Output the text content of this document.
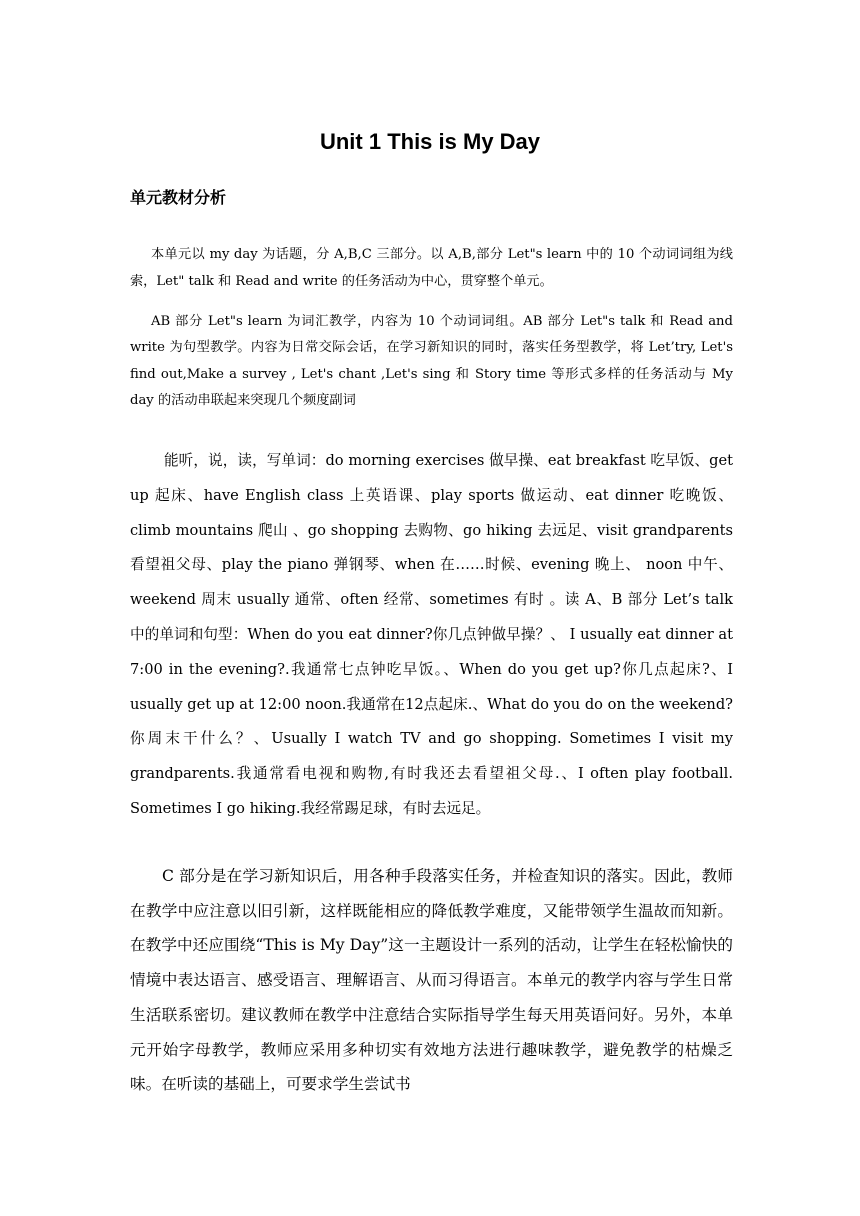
Unit 1 This is My Day
单元教材分析

本单元以 my day 为话题，分 A,B,C 三部分。以 A,B,部分 Let"s learn 中的 10 个动词词组为线索，Let" talk 和 Read and write 的任务活动为中心，贯穿整个单元。

AB 部分 Let"s learn 为词汇教学，内容为 10 个动词词组。AB 部分 Let"s talk 和 Read and write 为句型教学。内容为日常交际会话，在学习新知识的同时，落实任务型教学，将 Let’try, Let's find out,Make a survey , Let's chant ,Let's sing 和 Story time 等形式多样的任务活动与 My day 的活动串联起来突现几个频度副词

能听，说，读，写单词：do morning exercises 做早操、eat breakfast 吃早饭、get up 起床、have English class 上英语课、play sports 做运动、eat dinner 吃晚饭、climb mountains 爬山 、go shopping 去购物、go hiking 去远足、visit grandparents 看望祖父母、play the piano 弹钢琴、when 在……时候、evening 晚上、 noon 中午、weekend 周末 usually 通常、often 经常、sometimes 有时 。读 A、B 部分 Let’s talk 中的单词和句型：When do you eat dinner?你几点钟做早操？、 I usually eat dinner at 7:00 in the evening?.我通常七点钟吃早饭。、When do you get up?你几点起床?、I usually get up at 12:00 noon.我通常在12点起床.、What do you do on the weekend?你周末干什么？、Usually I watch TV and go shopping. Sometimes I visit my grandparents.我通常看电视和购物,有时我还去看望祖父母.、I often play football. Sometimes I go hiking.我经常踢足球，有时去远足。

C 部分是在学习新知识后，用各种手段落实任务，并检查知识的落实。因此，教师在教学中应注意以旧引新，这样既能相应的降低教学难度，又能带领学生温故而知新。在教学中还应围绕“This is My Day”这一主题设计一系列的活动，让学生在轻松愉快的情境中表达语言、感受语言、理解语言、从而习得语言。本单元的教学内容与学生日常生活联系密切。建议教师在教学中注意结合实际指导学生每天用英语问好。另外，本单元开始字母教学，教师应采用多种切实有效地方法进行趣味教学，避免教学的枯燥乏味。在听读的基础上，可要求学生尝试书
